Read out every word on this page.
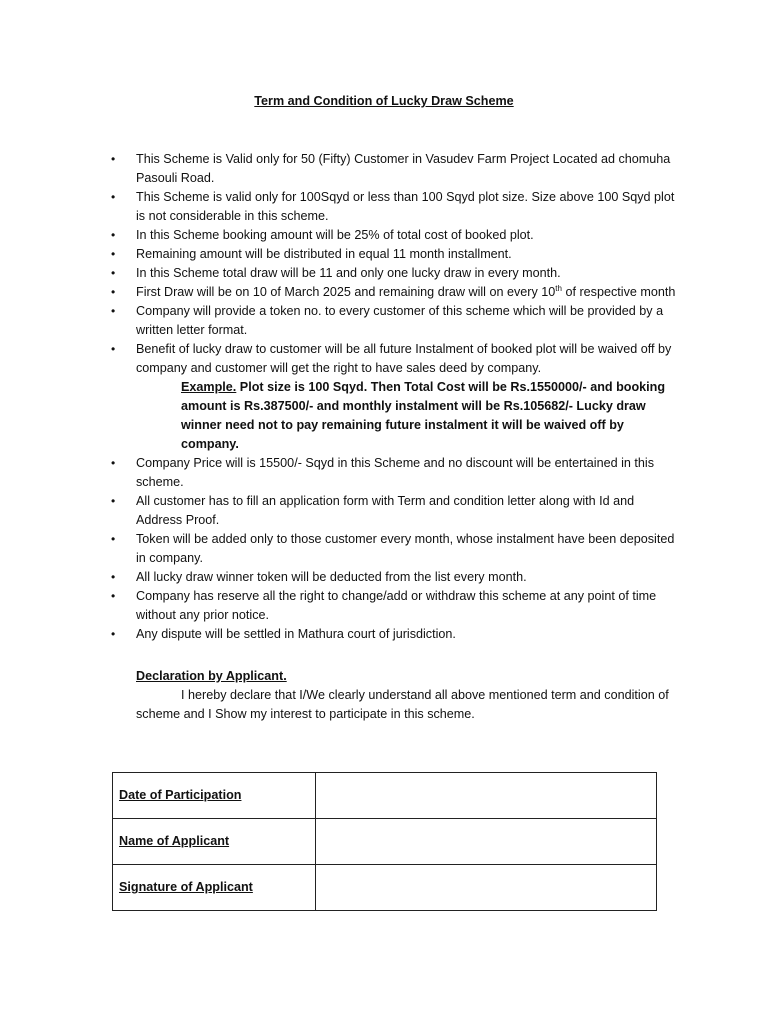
Term and Condition of Lucky Draw Scheme
• This Scheme is Valid only for 50 (Fifty) Customer in Vasudev Farm Project Located ad chomuha Pasouli Road.
• This Scheme is valid only for 100Sqyd or less than 100 Sqyd plot size. Size above 100 Sqyd plot is not considerable in this scheme.
• In this Scheme booking amount will be 25% of total cost of booked plot.
• Remaining amount will be distributed in equal 11 month installment.
• In this Scheme total draw will be 11 and only one lucky draw in every month.
• First Draw will be on 10 of March 2025 and remaining draw will on every 10th of respective month
• Company will provide a token no. to every customer of this scheme which will be provided by a written letter format.
• Benefit of lucky draw to customer will be all future Instalment of booked plot will be waived off by company and customer will get the right to have sales deed by company.
Example. Plot size is 100 Sqyd. Then Total Cost will be Rs.1550000/- and booking amount is Rs.387500/- and monthly instalment will be Rs.105682/- Lucky draw winner need not to pay remaining future instalment it will be waived off by company.
• Company Price will is 15500/- Sqyd in this Scheme and no discount will be entertained in this scheme.
• All customer has to fill an application form with Term and condition letter along with Id and Address Proof.
• Token will be added only to those customer every month, whose instalment have been deposited in company.
• All lucky draw winner token will be deducted from the list every month.
• Company has reserve all the right to change/add or withdraw this scheme at any point of time without any prior notice.
• Any dispute will be settled in Mathura court of jurisdiction.
Declaration by Applicant.
I hereby declare that I/We clearly understand all above mentioned term and condition of scheme and I Show my interest to participate in this scheme.
Date of Participation	
Name of Applicant	
Signature of Applicant	
